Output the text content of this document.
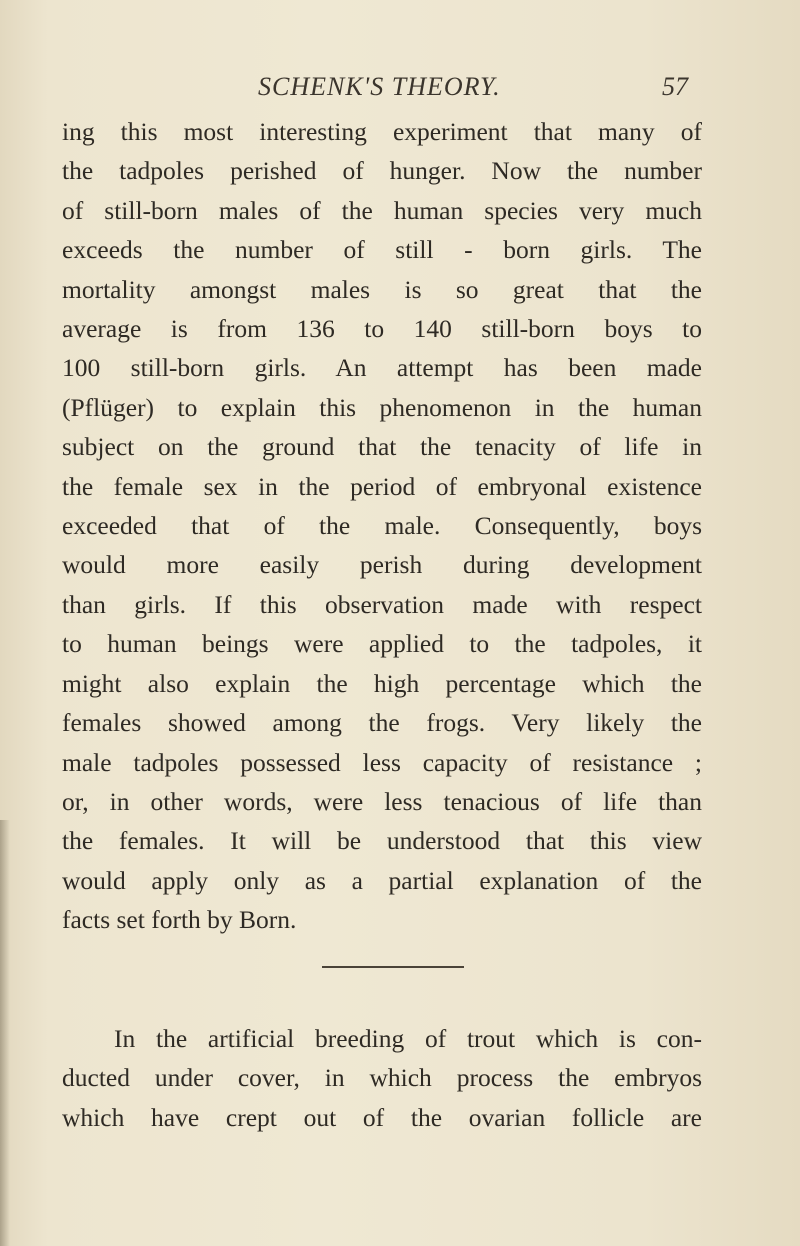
SCHENK'S THEORY.	57
ing this most interesting experiment that many of
the tadpoles perished of hunger. Now the number
of still-born males of the human species very much
exceeds the number of still - born girls. The
mortality amongst males is so great that the
average is from 136 to 140 still-born boys to
100 still-born girls. An attempt has been made
(Pflüger) to explain this phenomenon in the human
subject on the ground that the tenacity of life in
the female sex in the period of embryonal existence
exceeded that of the male. Consequently, boys
would more easily perish during development
than girls. If this observation made with respect
to human beings were applied to the tadpoles, it
might also explain the high percentage which the
females showed among the frogs. Very likely the
male tadpoles possessed less capacity of resistance ;
or, in other words, were less tenacious of life than
the females. It will be understood that this view
would apply only as a partial explanation of the
facts set forth by Born.
In the artificial breeding of trout which is con-
ducted under cover, in which process the embryos
which have crept out of the ovarian follicle are
